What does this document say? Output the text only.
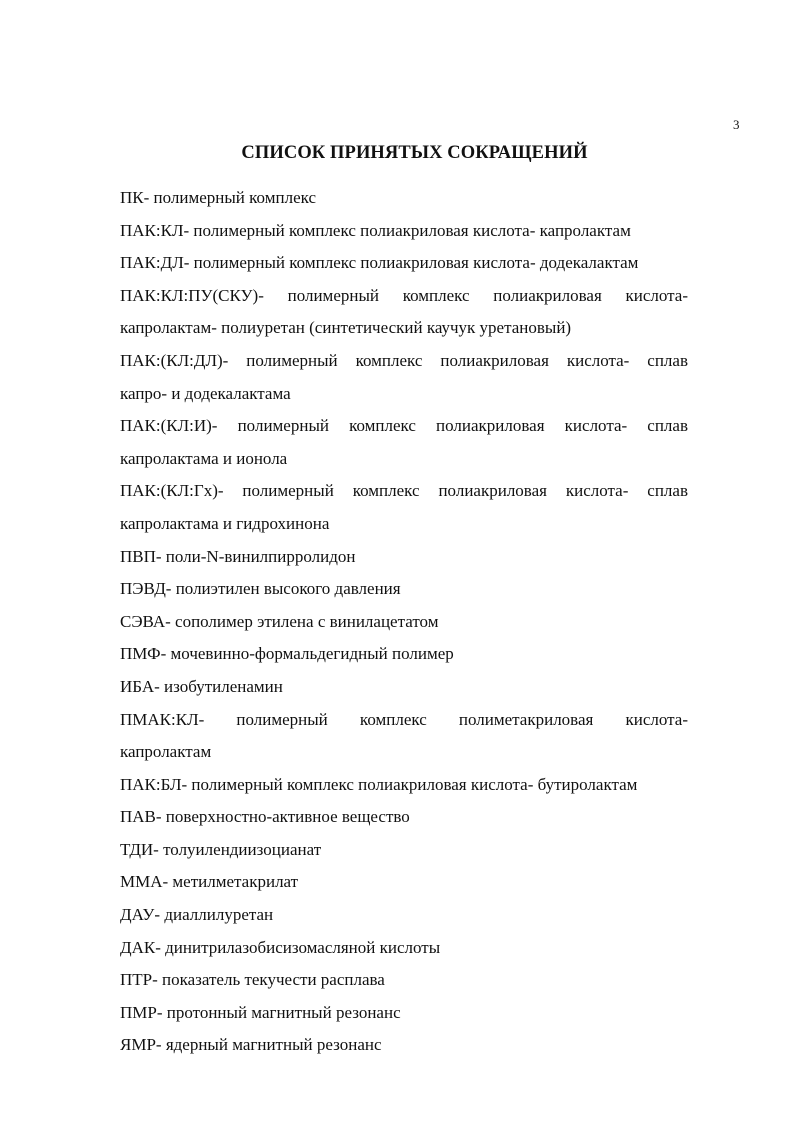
3
СПИСОК ПРИНЯТЫХ СОКРАЩЕНИЙ
ПК- полимерный комплекс
ПАК:КЛ- полимерный комплекс полиакриловая кислота- капролактам
ПАК:ДЛ- полимерный комплекс полиакриловая кислота- додекалактам
ПАК:КЛ:ПУ(СКУ)- полимерный комплекс полиакриловая кислота-
капролактам- полиуретан (синтетический каучук уретановый)
ПАК:(КЛ:ДЛ)- полимерный комплекс полиакриловая кислота- сплав
капро- и додекалактама
ПАК:(КЛ:И)- полимерный комплекс полиакриловая кислота- сплав
капролактама и ионола
ПАК:(КЛ:Гх)- полимерный комплекс полиакриловая кислота- сплав
капролактама и гидрохинона
ПВП- поли-N-винилпирролидон
ПЭВД- полиэтилен высокого давления
СЭВА- сополимер этилена с винилацетатом
ПМФ- мочевинно-формальдегидный полимер
ИБА- изобутиленамин
ПМАК:КЛ- полимерный комплекс полиметакриловая кислота-
капролактам
ПАК:БЛ- полимерный комплекс полиакриловая кислота- бутиролактам
ПАВ- поверхностно-активное вещество
ТДИ- толуилендиизоцианат
ММА- метилметакрилат
ДАУ- диаллилуретан
ДАК- динитрилазобисизомасляной кислоты
ПТР- показатель текучести расплава
ПМР- протонный магнитный резонанс
ЯМР- ядерный магнитный резонанс
